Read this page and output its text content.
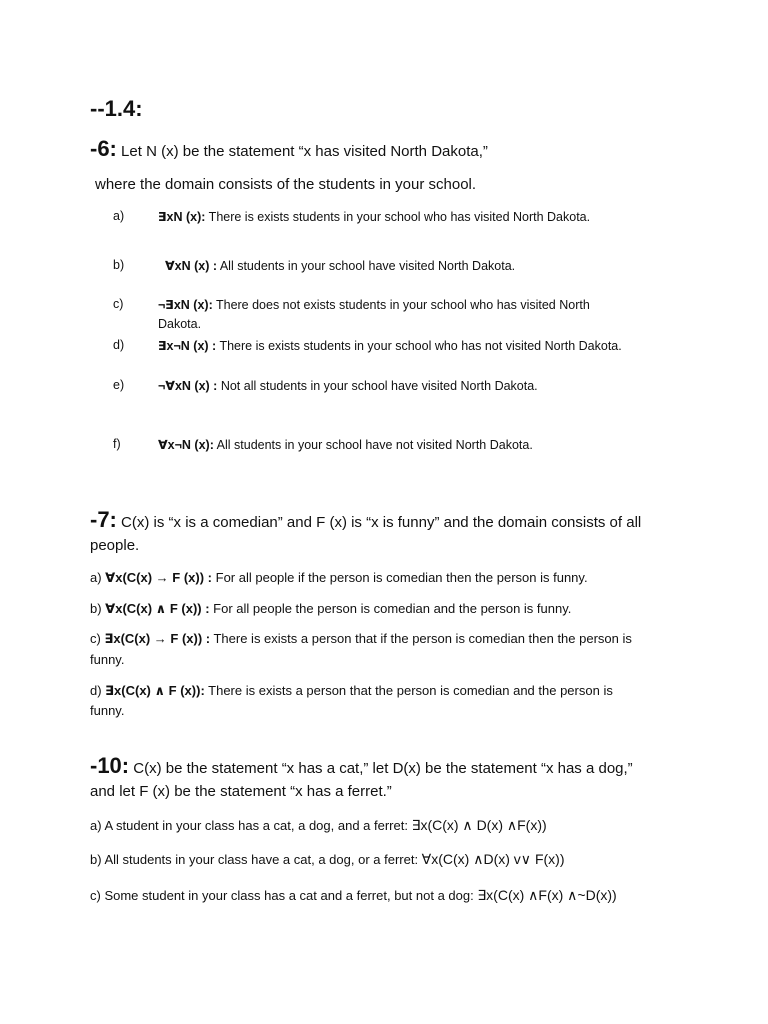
--1.4:
-6: Let N (x) be the statement “x has visited North Dakota,”
where the domain consists of the students in your school.
a)	∃xN (x): There is exists students in your school who has visited North Dakota.
b)	∀xN (x) : All students in your school have visited North Dakota.
c)	¬∃xN (x): There does not exists students in your school who has visited North
Dakota.
d)	∃x¬N (x) : There is exists students in your school who has not visited North Dakota.
e)	¬∀xN (x) : Not all students in your school have visited North Dakota.
f)	∀x¬N (x): All students in your school have not visited North Dakota.
-7: C(x) is “x is a comedian” and F (x) is “x is funny” and the domain consists of all
people.
a) ∀x(C(x) → F (x)) : For all people if the person is comedian then the person is funny.
b) ∀x(C(x) ∧ F (x)) : For all people the person is comedian and the person is funny.
c) ∃x(C(x) → F (x)) : There is exists a person that if the person is comedian then the person is
funny.
d) ∃x(C(x) ∧ F (x)): There is exists a person that the person is comedian and the person is
funny.
-10: C(x) be the statement “x has a cat,” let D(x) be the statement “x has a dog,”
and let F (x) be the statement “x has a ferret.”
a) A student in your class has a cat, a dog, and a ferret: ∃x(C(x) ∧ D(x) ∧F(x))
b) All students in your class have a cat, a dog, or a ferret: ∀x(C(x) ∧D(x) v∨ F(x))
c) Some student in your class has a cat and a ferret, but not a dog: ∃x(C(x) ∧F(x) ∧~D(x))
